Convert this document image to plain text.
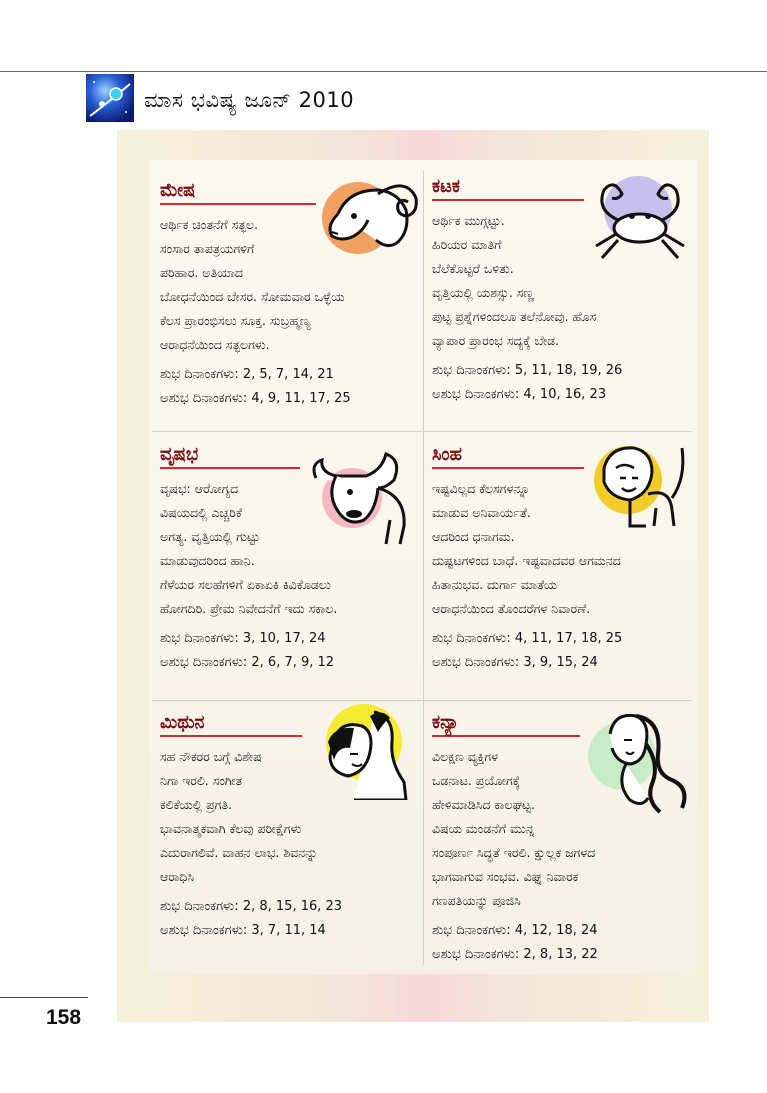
ಮಾಸ ಭವಿಷ್ಯ ಜೂನ್ 2010
ಮೇಷ
ಆರ್ಥಿಕ ಚಿಂತನೆಗೆ ಸತ್ಫಲ.
ಸಂಸಾರ ತಾಪತ್ರಯಗಳಿಗೆ
ಪರಿಹಾರ. ಅತಿಯಾದ
ಬೋಧನೆಯಿಂದ ಬೇಸರ. ಸೋಮವಾರ ಒಳ್ಳೆಯ
ಕೆಲಸ ಪ್ರಾರಂಭಿಸಲು ಸೂಕ್ತ. ಸುಬ್ರಹ್ಮಣ್ಯ
ಆರಾಧನೆಯಿಂದ ಸತ್ಫಲಗಳು.
ಶುಭ ದಿನಾಂಕಗಳು: 2, 5, 7, 14, 21
ಅಶುಭ ದಿನಾಂಕಗಳು: 4, 9, 11, 17, 25
ಕಟಕ
ಆರ್ಥಿಕ ಮುಗ್ಗಟ್ಟು.
ಹಿರಿಯರ ಮಾತಿಗೆ
ಬೆಲೆಕೊಟ್ಟರೆ ಒಳಿತು.
ವೃತ್ತಿಯಲ್ಲಿ ಯಶಸ್ಸು. ಸಣ್ಣ
ಪುಟ್ಟ ಪ್ರಶ್ನೆಗಳಿಂದಲೂ ತಲೆನೋವು. ಹೊಸ
ವ್ಯಾಪಾರ ಪ್ರಾರಂಭ ಸದ್ಯಕ್ಕೆ ಬೇಡ.
ಶುಭ ದಿನಾಂಕಗಳು: 5, 11, 18, 19, 26
ಅಶುಭ ದಿನಾಂಕಗಳು: 4, 10, 16, 23
ವೃಷಭ
ವೃಷಭ: ಆರೋಗ್ಯದ
ವಿಷಯದಲ್ಲಿ ಎಚ್ಚರಿಕೆ
ಅಗತ್ಯ. ವೃತ್ತಿಯಲ್ಲಿ ಗುಟ್ಟು
ಮಾಡುವುದರಿಂದ ಹಾನಿ.
ಗೆಳೆಯರ ಸಲಹೆಗಳಿಗೆ ಏಕಾಏಕಿ ಕಿವಿಕೊಡಲು
ಹೋಗದಿರಿ. ಪ್ರೇಮ ನಿವೇದನೆಗೆ ಇದು ಸಕಾಲ.
ಶುಭ ದಿನಾಂಕಗಳು: 3, 10, 17, 24
ಅಶುಭ ದಿನಾಂಕಗಳು: 2, 6, 7, 9, 12
ಸಿಂಹ
ಇಷ್ಟವಿಲ್ಲದ ಕೆಲಸಗಳನ್ನೂ
ಮಾಡುವ ಅನಿವಾರ್ಯತೆ.
ಆದರಿಂದ ಧನಾಗಮ.
ದುಷ್ಟಟಗಳಿಂದ ಬಾಧೆ. ಇಷ್ಟವಾದವರ ಆಗಮನದ
ಹಿತಾನುಭವ. ದುರ್ಗಾ ಮಾತೆಯ
ಆರಾಧನೆಯಿಂದ ತೊಂದರೆಗಳ ನಿವಾರಣೆ.
ಶುಭ ದಿನಾಂಕಗಳು: 4, 11, 17, 18, 25
ಅಶುಭ ದಿನಾಂಕಗಳು: 3, 9, 15, 24
ಮಿಥುನ
ಸಹ ನೌಕರರ ಬಗ್ಗೆ ವಿಶೇಷ
ನಿಗಾ ಇರಲಿ. ಸಂಗೀತ
ಕಲಿಕೆಯಲ್ಲಿ ಪ್ರಗತಿ.
ಭಾವನಾತ್ಮಕವಾಗಿ ಕೆಲವು ಪರೀಕ್ಷೆಗಳು
ಎದುರಾಗಲಿವೆ. ವಾಹನ ಲಾಭ. ಶಿವನನ್ನು
ಆರಾಧಿಸಿ
ಶುಭ ದಿನಾಂಕಗಳು: 2, 8, 15, 16, 23
ಅಶುಭ ದಿನಾಂಕಗಳು: 3, 7, 11, 14
ಕನ್ಯಾ
ವಿಲಕ್ಷಣ ವ್ಯಕ್ತಿಗಳ
ಒಡನಾಟ. ಪ್ರಯೋಗಕ್ಕೆ
ಹೇಳಿಮಾಡಿಸಿದ ಕಾಲಘಟ್ಟ.
ವಿಷಯ ಮಂಡನೆಗೆ ಮುನ್ನ
ಸಂಪೂರ್ಣ ಸಿದ್ಧತೆ ಇರಲಿ. ಕ್ಷುಲ್ಲಕ ಜಗಳದ
ಭಾಗವಾಗುವ ಸಂಭವ. ವಿಘ್ನ ನಿವಾರಕ
ಗಣಪತಿಯನ್ನು ಪೂಜಿಸಿ
ಶುಭ ದಿನಾಂಕಗಳು: 4, 12, 18, 24
ಅಶುಭ ದಿನಾಂಕಗಳು: 2, 8, 13, 22
158
